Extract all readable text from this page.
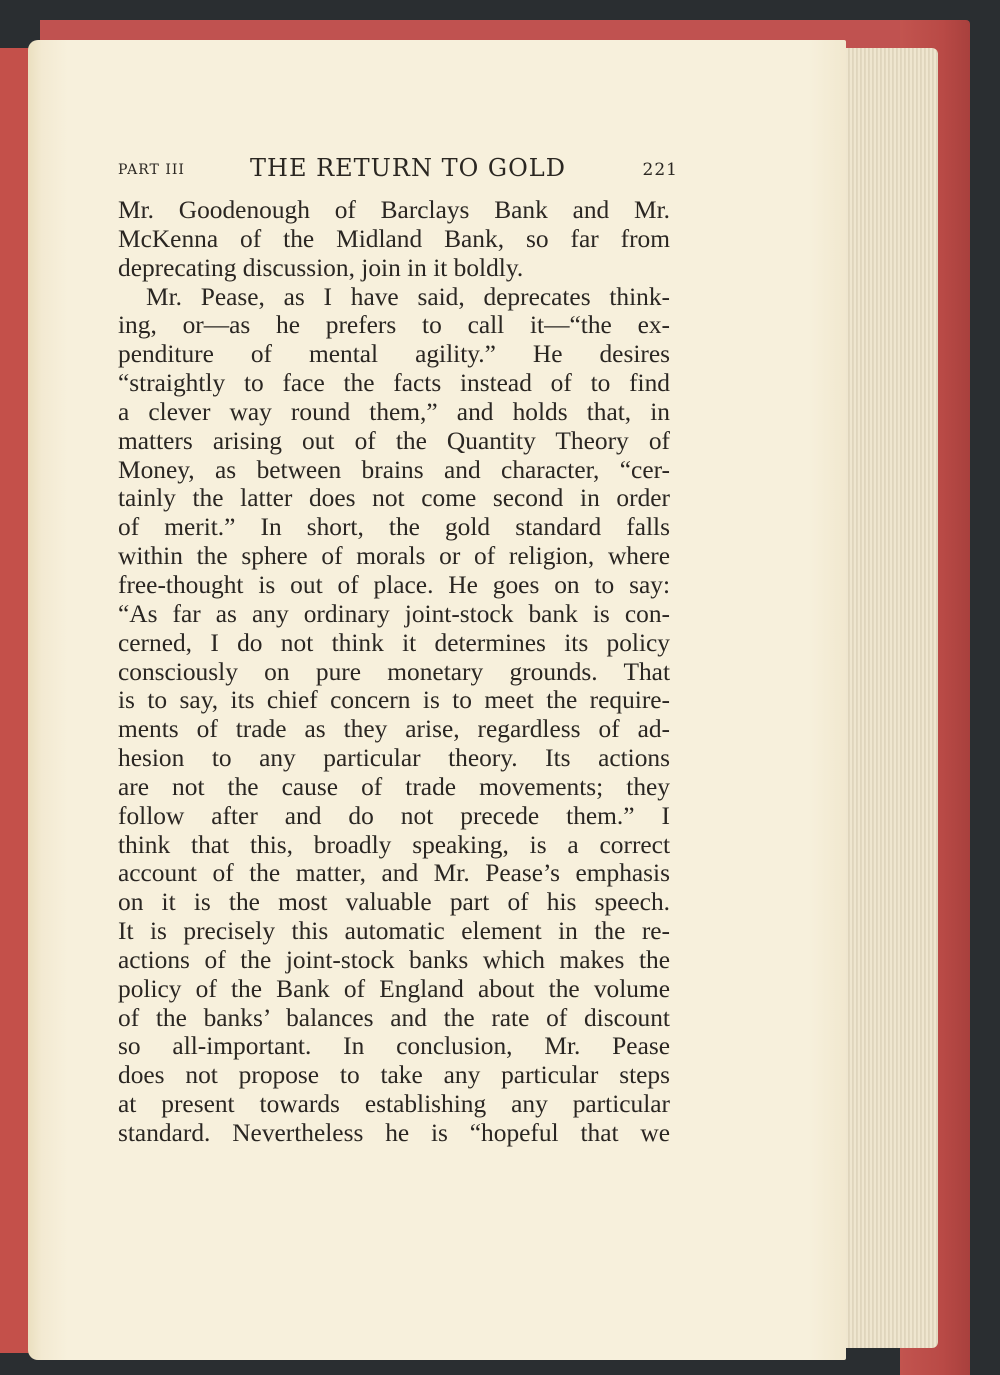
PART III	THE RETURN TO GOLD	221
Mr. Goodenough of Barclays Bank and Mr.
McKenna of the Midland Bank, so far from
deprecating discussion, join in it boldly.
Mr. Pease, as I have said, deprecates think-
ing, or—as he prefers to call it—“the ex-
penditure of mental agility.” He desires
“straightly to face the facts instead of to find
a clever way round them,” and holds that, in
matters arising out of the Quantity Theory of
Money, as between brains and character, “cer-
tainly the latter does not come second in order
of merit.” In short, the gold standard falls
within the sphere of morals or of religion, where
free-thought is out of place. He goes on to say:
“As far as any ordinary joint-stock bank is con-
cerned, I do not think it determines its policy
consciously on pure monetary grounds. That
is to say, its chief concern is to meet the require-
ments of trade as they arise, regardless of ad-
hesion to any particular theory. Its actions
are not the cause of trade movements; they
follow after and do not precede them.” I
think that this, broadly speaking, is a correct
account of the matter, and Mr. Pease’s emphasis
on it is the most valuable part of his speech.
It is precisely this automatic element in the re-
actions of the joint-stock banks which makes the
policy of the Bank of England about the volume
of the banks’ balances and the rate of discount
so all-important. In conclusion, Mr. Pease
does not propose to take any particular steps
at present towards establishing any particular
standard. Nevertheless he is “hopeful that we
